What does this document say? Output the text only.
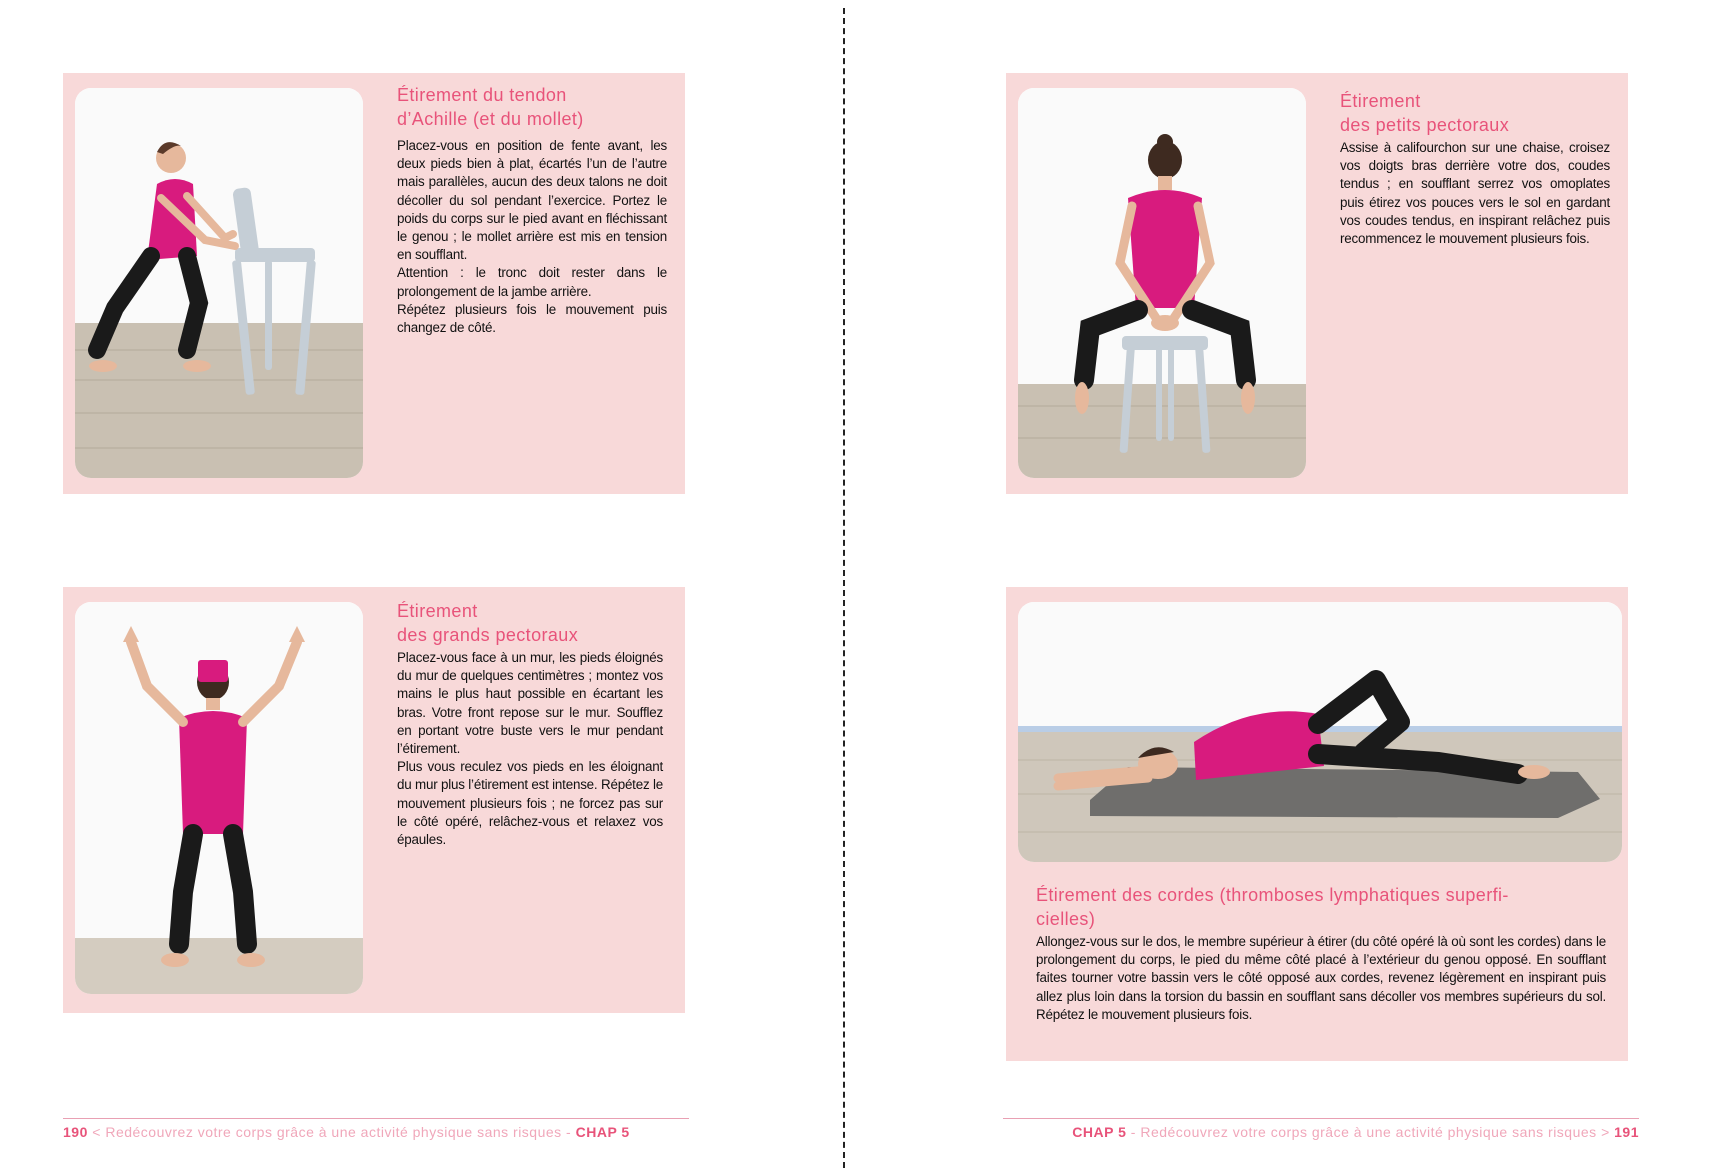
Étirement du tendon
d’Achille (et du mollet)

Placez-vous en position de fente avant, les deux pieds bien à plat, écartés l’un de l’autre mais parallèles, aucun des deux talons ne doit décoller du sol pendant l’exercice. Portez le poids du corps sur le pied avant en fléchissant le genou ; le mollet arrière est mis en tension en soufflant.

Attention : le tronc doit rester dans le prolongement de la jambe arrière.

Répétez plusieurs fois le mouvement puis changez de côté.

Étirement
des petits pectoraux

Assise à califourchon sur une chaise, croisez vos doigts bras derrière votre dos, coudes tendus ; en soufflant serrez vos omoplates puis étirez vos pouces vers le sol en gardant vos coudes tendus, en inspirant relâchez puis recommencez le mouvement plusieurs fois.

Étirement
des grands pectoraux

Placez-vous face à un mur, les pieds éloignés du mur de quelques centimètres ; montez vos mains le plus haut possible en écartant les bras. Votre front repose sur le mur. Soufflez en portant votre buste vers le mur pendant l’étirement.

Plus vous reculez vos pieds en les éloignant du mur plus l’étirement est intense. Répétez le mouvement plusieurs fois ; ne forcez pas sur le côté opéré, relâchez-vous et relaxez vos épaules.

Étirement des cordes (thromboses lymphatiques superfi-
cielles)

Allongez-vous sur le dos, le membre supérieur à étirer (du côté opéré là où sont les cordes) dans le prolongement du corps, le pied du même côté placé à l’extérieur du genou opposé. En soufflant faites tourner votre bassin vers le côté opposé aux cordes, revenez légèrement en inspirant puis allez plus loin dans la torsion du bassin en soufflant sans décoller vos membres supérieurs du sol. Répétez le mouvement plusieurs fois.

190 < Redécouvrez votre corps grâce à une activité physique sans risques - CHAP 5	CHAP 5 - Redécouvrez votre corps grâce à une activité physique sans risques > 191
